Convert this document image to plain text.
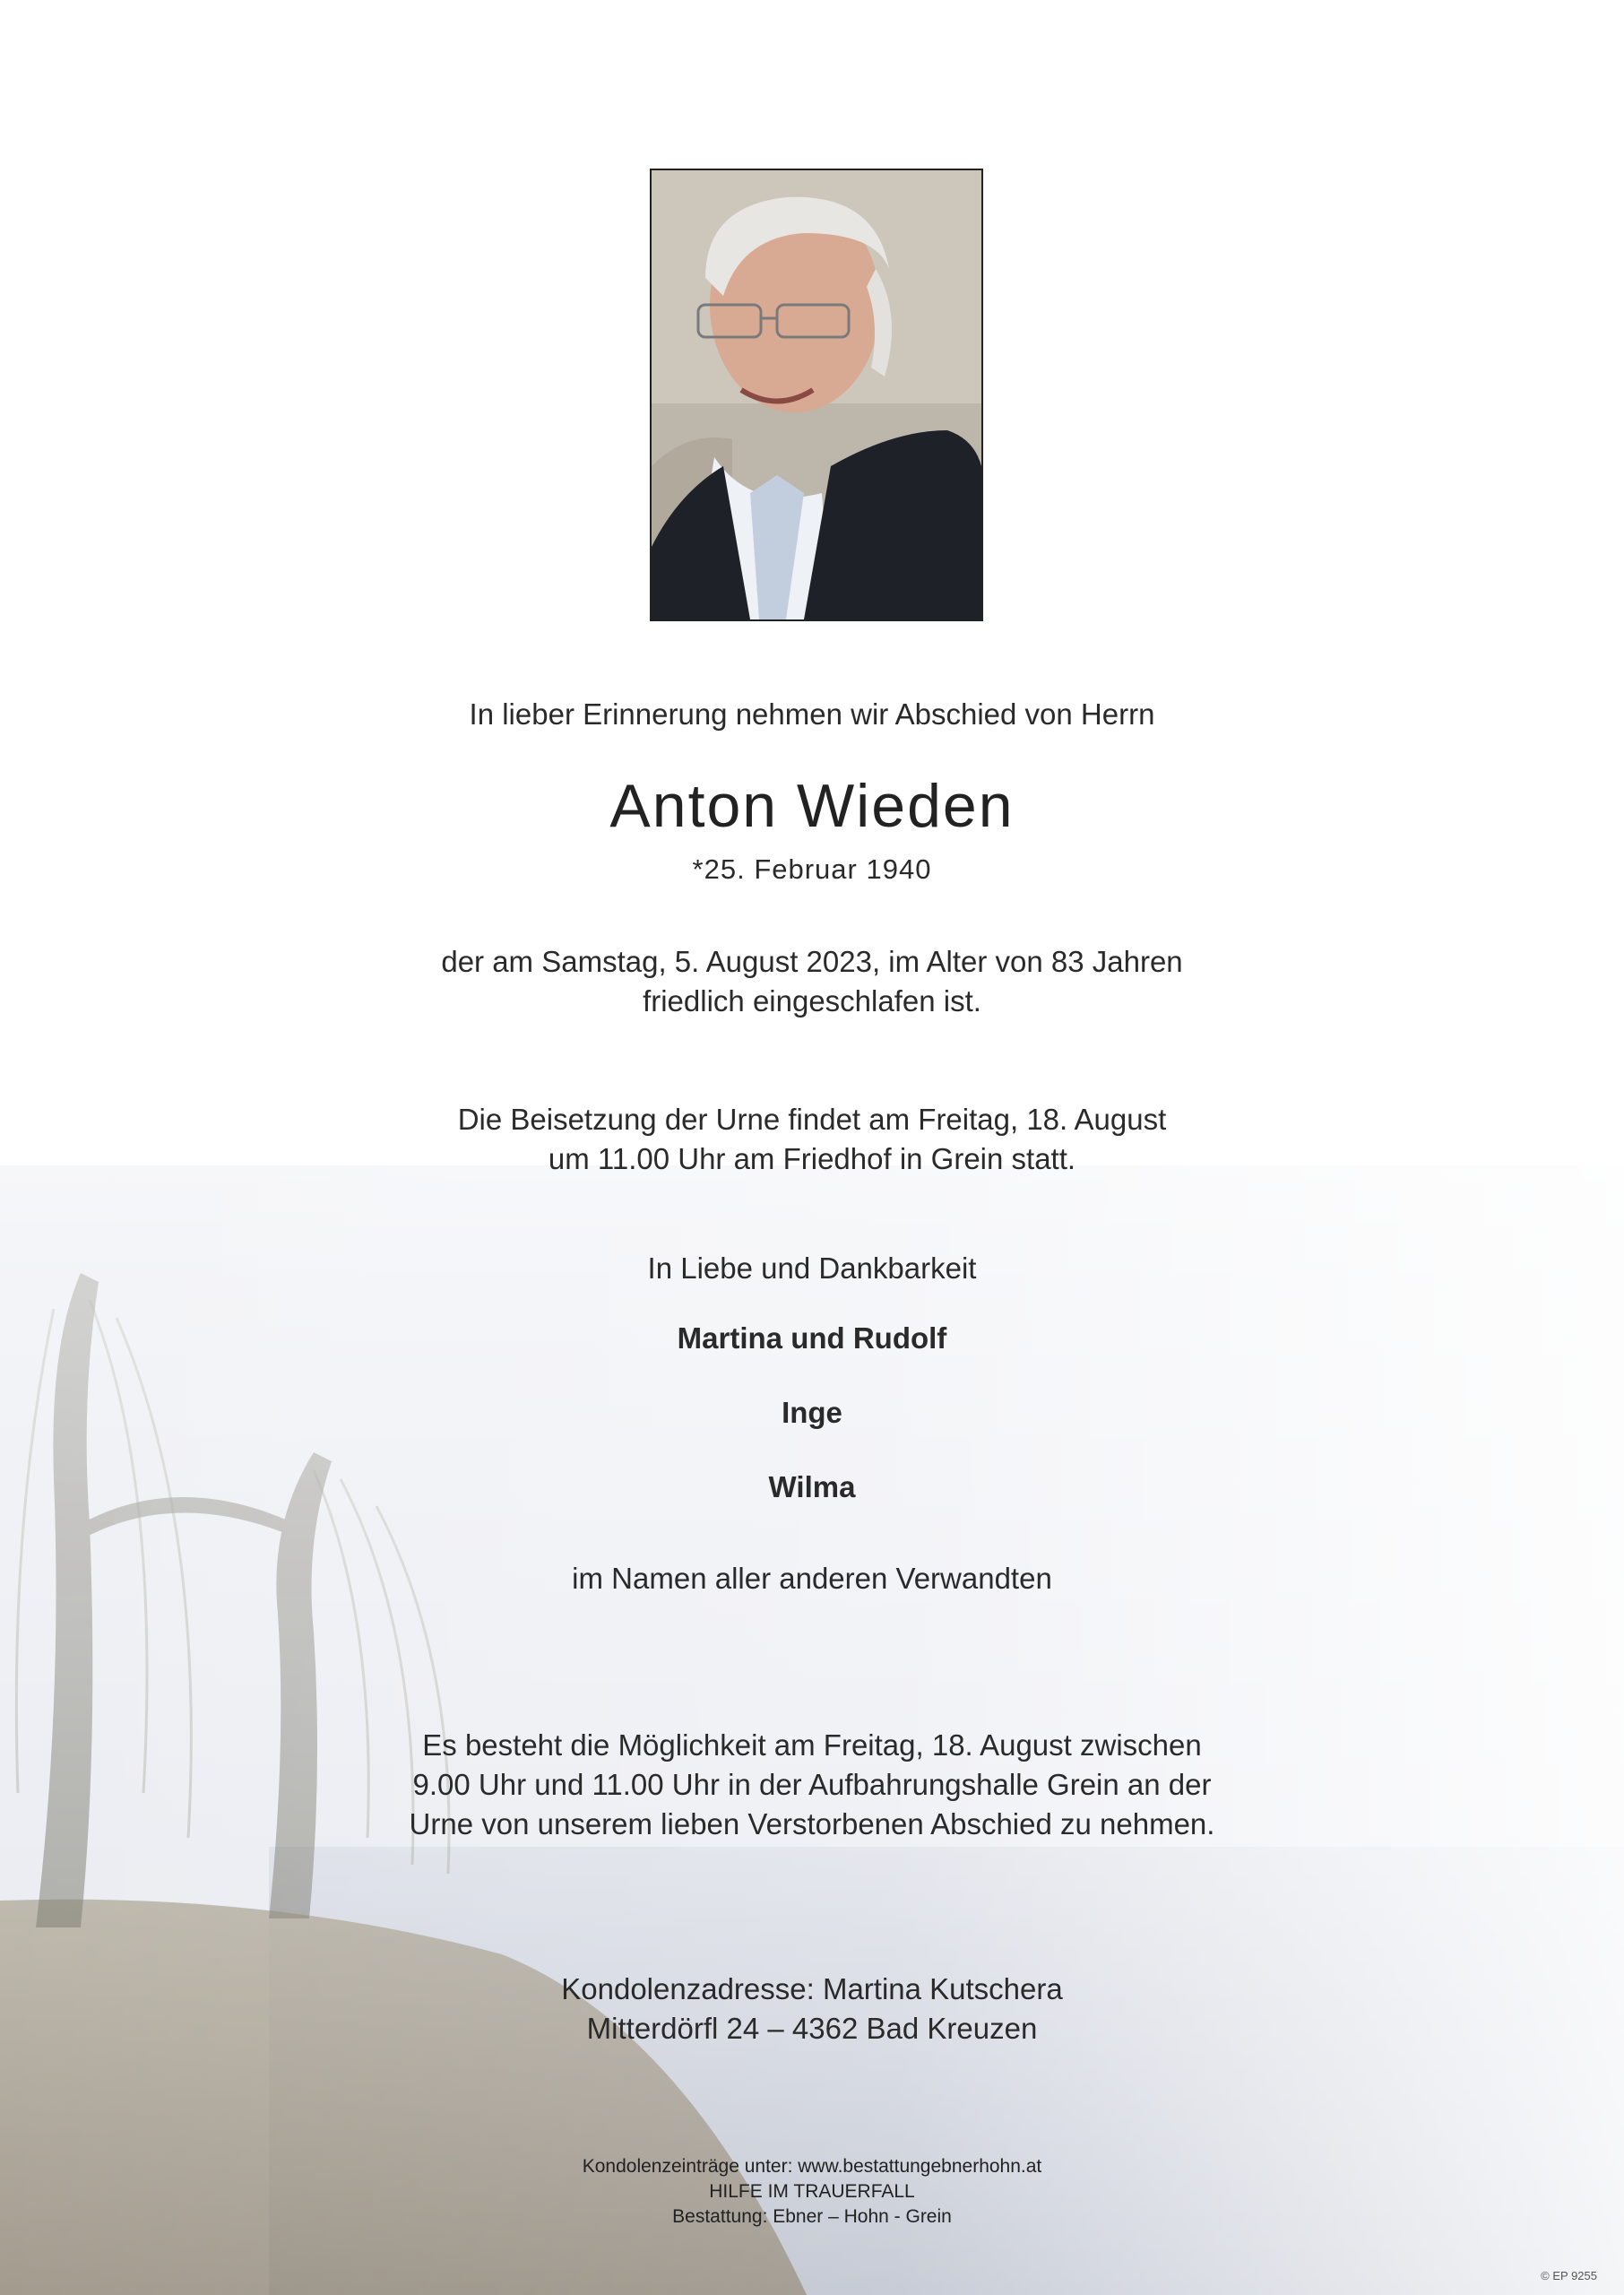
In lieber Erinnerung nehmen wir Abschied von Herrn
Anton Wieden
*25. Februar 1940
der am Samstag, 5. August 2023, im Alter von 83 Jahren
friedlich eingeschlafen ist.
Die Beisetzung der Urne findet am Freitag, 18. August
um 11.00 Uhr am Friedhof in Grein statt.
In Liebe und Dankbarkeit
Martina und Rudolf
Inge
Wilma
im Namen aller anderen Verwandten
Es besteht die Möglichkeit am Freitag, 18. August zwischen
9.00 Uhr und 11.00 Uhr in der Aufbahrungshalle Grein an der
Urne von unserem lieben Verstorbenen Abschied zu nehmen.
Kondolenzadresse: Martina Kutschera
Mitterdörfl 24 – 4362 Bad Kreuzen
Kondolenzeinträge unter: www.bestattungebnerhohn.at
HILFE IM TRAUERFALL
Bestattung: Ebner – Hohn - Grein
© EP 9255
